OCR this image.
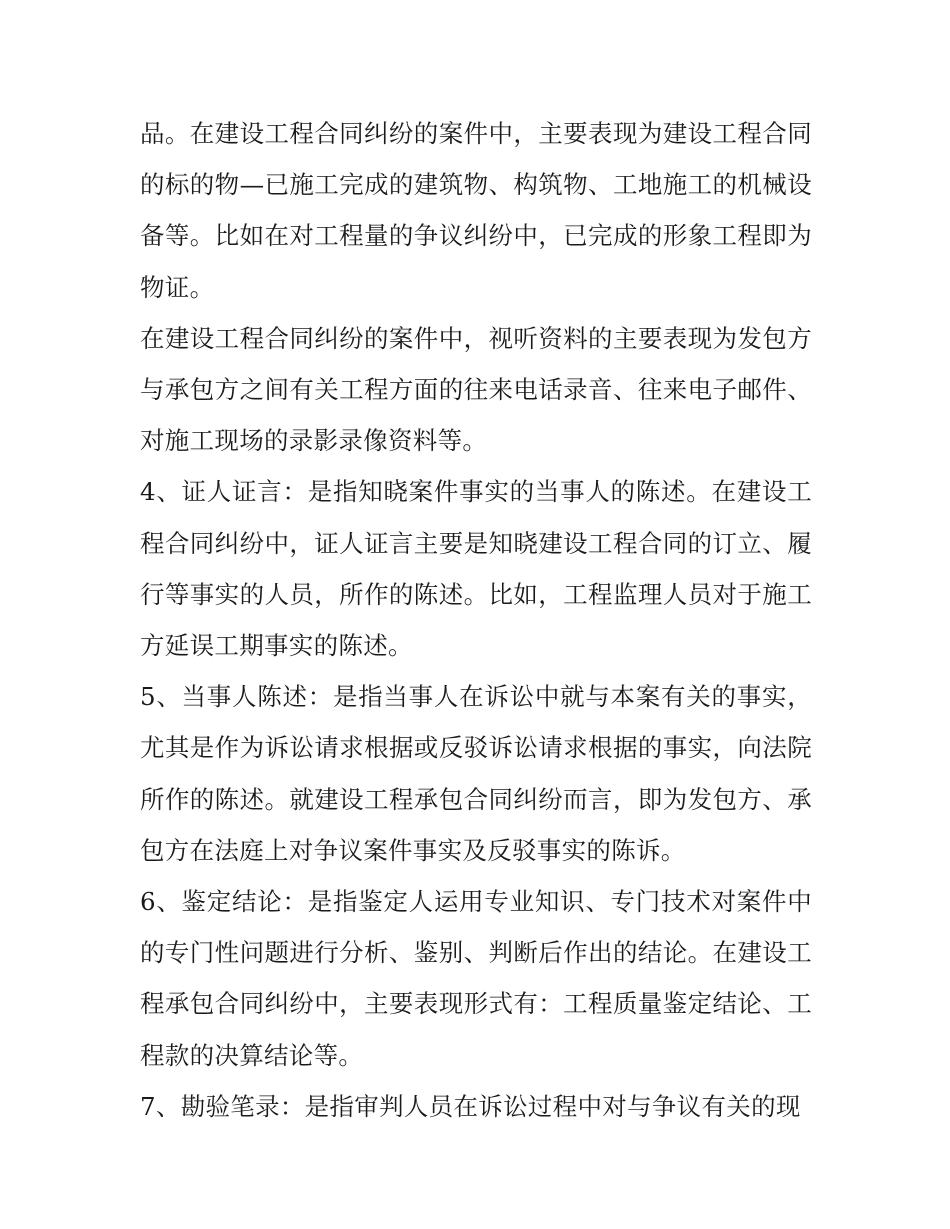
品。在建设工程合同纠纷的案件中，主要表现为建设工程合同的标的物—已施工完成的建筑物、构筑物、工地施工的机械设备等。比如在对工程量的争议纠纷中，已完成的形象工程即为物证。

在建设工程合同纠纷的案件中，视听资料的主要表现为发包方与承包方之间有关工程方面的往来电话录音、往来电子邮件、对施工现场的录影录像资料等。

4、证人证言：是指知晓案件事实的当事人的陈述。在建设工程合同纠纷中，证人证言主要是知晓建设工程合同的订立、履行等事实的人员，所作的陈述。比如，工程监理人员对于施工方延误工期事实的陈述。

5、当事人陈述：是指当事人在诉讼中就与本案有关的事实，尤其是作为诉讼请求根据或反驳诉讼请求根据的事实，向法院所作的陈述。就建设工程承包合同纠纷而言，即为发包方、承包方在法庭上对争议案件事实及反驳事实的陈诉。

6、鉴定结论：是指鉴定人运用专业知识、专门技术对案件中的专门性问题进行分析、鉴别、判断后作出的结论。在建设工程承包合同纠纷中，主要表现形式有：工程质量鉴定结论、工程款的决算结论等。

7、勘验笔录：是指审判人员在诉讼过程中对与争议有关的现
